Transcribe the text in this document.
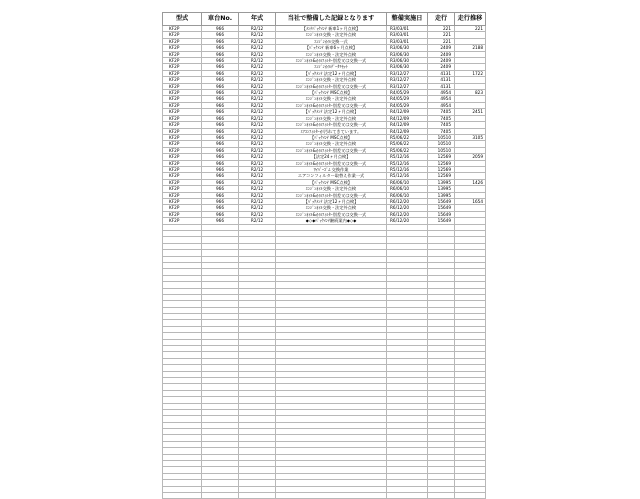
型式	車台No.	年式	当社で整備した記録となります	整備実施日	走行	走行推移
KF2P	966	R2/12	【ﾒﾝﾃﾊﾟｯｸﾒﾝﾃ 新車1ヶ月点検】	R3/03/01	221	221
KF2P	966	R2/12	ｴﾝｼﾞﾝｵｲﾙ交換・法定外点検	R3/03/01	221	
KF2P	966	R2/12	ｴﾝｼﾞﾝｵｲﾙ交換一式	R3/03/01	221	
KF2P	966	R2/12	【ﾊﾟｯｸﾒﾝﾃ 新車6ヶ月点検】	R3/06/30	2409	2188
KF2P	966	R2/12	ｴﾝｼﾞﾝｵｲﾙ交換・法定外点検	R3/06/30	2409	
KF2P	966	R2/12	ｴﾝｼﾞﾝｵｲﾙ&ｵｲﾙﾌｨﾙﾀｰ別差又は交換一式	R3/06/30	2409	
KF2P	966	R2/12	ｴﾝｼﾞﾝｵｲﾙﾃﾞｰﾀﾘｾｯﾄ	R3/06/30	2409	
KF2P	966	R2/12	【ﾊﾟｯｸﾒﾝﾃ 法定12ヶ月点検】	R3/12/27	4131	1722
KF2P	966	R2/12	ｴﾝｼﾞﾝｵｲﾙ交換・法定外点検	R3/12/27	4131	
KF2P	966	R2/12	ｴﾝｼﾞﾝｵｲﾙ&ｵｲﾙﾌｨﾙﾀｰ別差又は交換一式	R3/12/27	4131	
KF2P	966	R2/12	【ﾊﾟｯｸﾒﾝﾃ MSC点検】	R4/05/29	4954	823
KF2P	966	R2/12	ｴﾝｼﾞﾝｵｲﾙ交換・法定外点検	R4/05/29	4954	
KF2P	966	R2/12	ｴﾝｼﾞﾝｵｲﾙ&ｵｲﾙﾌｨﾙﾀｰ別差又は交換一式	R4/05/29	4954	
KF2P	966	R2/12	【ﾊﾟｯｸﾒﾝﾃ 法定12ヶ月点検】	R4/12/09	7405	2451
KF2P	966	R2/12	ｴﾝｼﾞﾝｵｲﾙ交換・法定外点検	R4/12/09	7405	
KF2P	966	R2/12	ｴﾝｼﾞﾝｵｲﾙ&ｵｲﾙﾌｨﾙﾀｰ別差又は交換一式	R4/12/09	7405	
KF2P	966	R2/12	ｴｱｺﾝﾌｨﾙﾀｰが汚れてきています。	R4/12/09	7405	
KF2P	966	R2/12	【ﾊﾟｯｸﾒﾝﾃ MSC点検】	R5/06/22	10510	3105
KF2P	966	R2/12	ｴﾝｼﾞﾝｵｲﾙ交換・法定外点検	R5/06/22	10510	
KF2P	966	R2/12	ｴﾝｼﾞﾝｵｲﾙ&ｵｲﾙﾌｨﾙﾀｰ別差又は交換一式	R5/06/22	10510	
KF2P	966	R2/12	【法定24ヶ月点検】	R5/12/16	12569	2059
KF2P	966	R2/12	ｴﾝｼﾞﾝｵｲﾙ&ｵｲﾙﾌｨﾙﾀｰ別差又は交換一式	R5/12/16	12569	
KF2P	966	R2/12	ﾜｲﾊﾟｰｺﾞﾑ 交換作業	R5/12/16	12569	
KF2P	966	R2/12	エアコンフィルター取替え作業一式	R5/12/16	12569	
KF2P	966	R2/12	【ﾊﾟｯｸﾒﾝﾃ MSC点検】	R6/06/10	13995	1426
KF2P	966	R2/12	ｴﾝｼﾞﾝｵｲﾙ交換・法定外点検	R6/06/10	13995	
KF2P	966	R2/12	ｴﾝｼﾞﾝｵｲﾙ&ｵｲﾙﾌｨﾙﾀｰ別差又は交換一式	R6/06/10	13995	
KF2P	966	R2/12	【ﾊﾟｯｸﾒﾝﾃ 法定12ヶ月点検】	R6/12/20	15649	1654
KF2P	966	R2/12	ｴﾝｼﾞﾝｵｲﾙ交換・法定外点検	R6/12/20	15649	
KF2P	966	R2/12	ｴﾝｼﾞﾝｵｲﾙ&ｵｲﾙﾌｨﾙﾀｰ別差又は交換一式	R6/12/20	15649	
KF2P	966	R2/12	◆◇◆ﾊﾟｯｸﾒﾝﾃ継続案内◆◇◆	R6/12/20	15649	
